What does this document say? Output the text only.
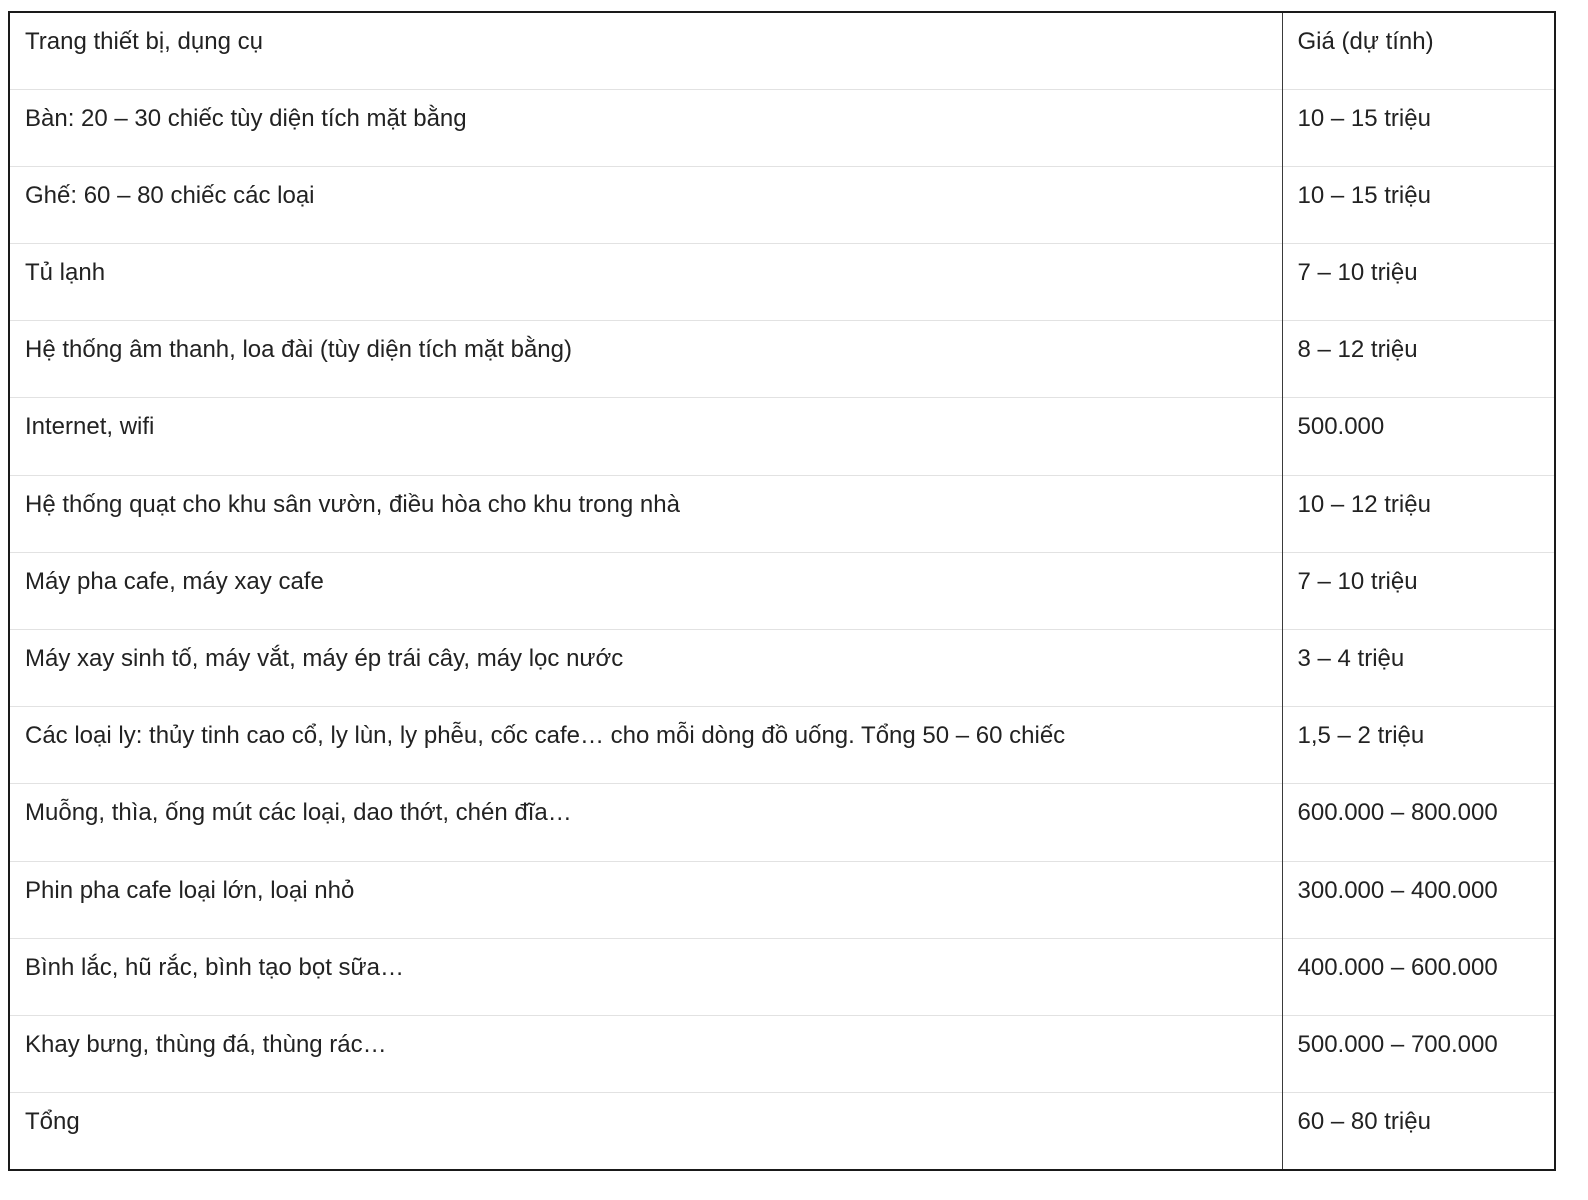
Trang thiết bị, dụng cụ	Giá (dự tính)
Bàn: 20 – 30 chiếc tùy diện tích mặt bằng	10 – 15 triệu
Ghế: 60 – 80 chiếc các loại	10 – 15 triệu
Tủ lạnh	7 – 10 triệu
Hệ thống âm thanh, loa đài (tùy diện tích mặt bằng)	8 – 12 triệu
Internet, wifi	500.000
Hệ thống quạt cho khu sân vườn, điều hòa cho khu trong nhà	10 – 12 triệu
Máy pha cafe, máy xay cafe	7 – 10 triệu
Máy xay sinh tố, máy vắt, máy ép trái cây, máy lọc nước	3 – 4 triệu
Các loại ly: thủy tinh cao cổ, ly lùn, ly phễu, cốc cafe… cho mỗi dòng đồ uống. Tổng 50 – 60 chiếc	1,5 – 2 triệu
Muỗng, thìa, ống mút các loại, dao thớt, chén đĩa…	600.000 – 800.000
Phin pha cafe loại lớn, loại nhỏ	300.000 – 400.000
Bình lắc, hũ rắc, bình tạo bọt sữa…	400.000 – 600.000
Khay bưng, thùng đá, thùng rác…	500.000 – 700.000
Tổng	60 – 80 triệu
